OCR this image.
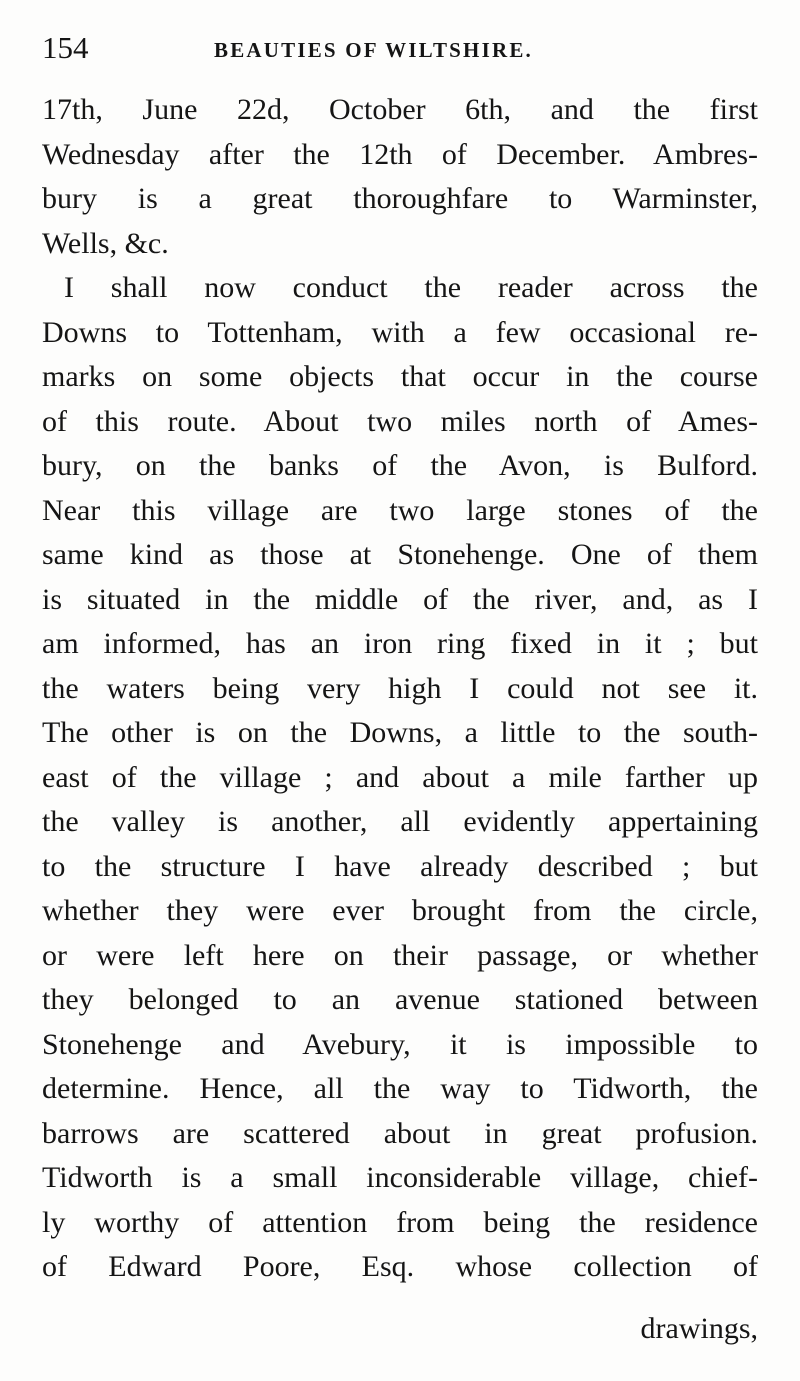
154	BEAUTIES OF WILTSHIRE.
17th, June 22d, October 6th, and the first
Wednesday after the 12th of December. Ambres-
bury is a great thoroughfare to Warminster,
Wells, &c.
I shall now conduct the reader across the
Downs to Tottenham, with a few occasional re-
marks on some objects that occur in the course
of this route. About two miles north of Ames-
bury, on the banks of the Avon, is Bulford.
Near this village are two large stones of the
same kind as those at Stonehenge. One of them
is situated in the middle of the river, and, as I
am informed, has an iron ring fixed in it ; but
the waters being very high I could not see it.
The other is on the Downs, a little to the south-
east of the village ; and about a mile farther up
the valley is another, all evidently appertaining
to the structure I have already described ; but
whether they were ever brought from the circle,
or were left here on their passage, or whether
they belonged to an avenue stationed between
Stonehenge and Avebury, it is impossible to
determine. Hence, all the way to Tidworth, the
barrows are scattered about in great profusion.
Tidworth is a small inconsiderable village, chief-
ly worthy of attention from being the residence
of Edward Poore, Esq. whose collection of
drawings,
